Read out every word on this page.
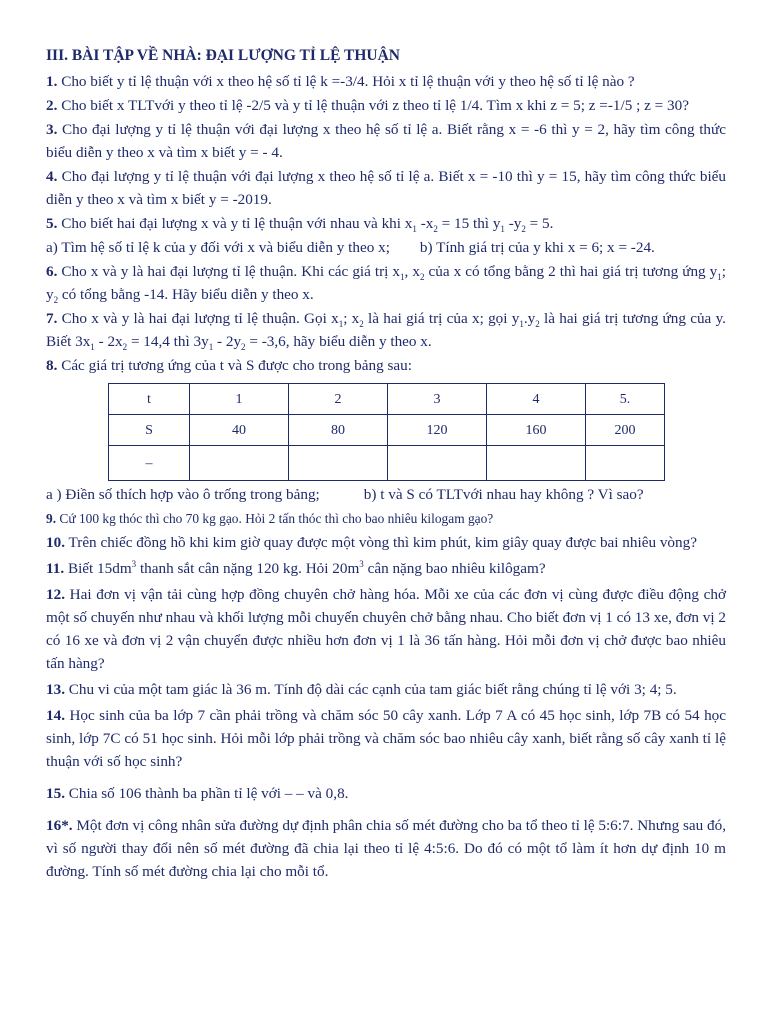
III. BÀI TẬP VỀ NHÀ: ĐẠI LƯỢNG TỈ LỆ THUẬN

1. Cho biết y tỉ lệ thuận với x theo hệ số tỉ lệ k =-3/4. Hỏi x tỉ lệ thuận với y theo hệ số tỉ lệ nào ?

2. Cho biết x TLTvới y theo tỉ lệ -2/5 và y tỉ lệ thuận với z theo tỉ lệ 1/4. Tìm x khi z = 5; z =-1/5 ; z = 30?

3. Cho đại lượng y tỉ lệ thuận với đại lượng x theo hệ số tỉ lệ a. Biết rằng x = -6 thì y = 2, hãy tìm công thức biểu diễn y theo x và tìm x biết y = - 4.

4. Cho đại lượng y tỉ lệ thuận với đại lượng x theo hệ số tỉ lệ a. Biết x = -10 thì y = 15, hãy tìm công thức biểu diễn y theo x và tìm x biết y = -2019.

5. Cho biết hai đại lượng x và y tỉ lệ thuận với nhau và khi $x_1$ $-x_2 = 15$ thì $y_1$ $-y_2 = 5$.

a) Tìm hệ số tỉ lệ k của y đối với x và biểu diễn y theo x; b) Tính giá trị của y khi x = 6; x = -24.

6. Cho x và y là hai đại lượng tỉ lệ thuận. Khi các giá trị $x_1$, $x_2$ của x có tổng bằng 2 thì hai giá trị tương ứng $y_1$; $y_2$ có tổng bằng -14. Hãy biểu diễn y theo x.

7. Cho x và y là hai đại lượng tỉ lệ thuận. Gọi $x_1$; $x_2$ là hai giá trị của x; gọi $y_1.y_2$ là hai giá trị tương ứng của y. Biết $3x_1 - 2x_2 = 14,4$ thì $3y_1 - 2y_2 = -3,6$, hãy biểu diễn y theo x.

8. Các giá trị tương ứng của t và S được cho trong bảng sau:

t	1	2	3	4	5.
S	40	80	120	160	200
–					

a ) Điền số thích hợp vào ô trống trong bảng;	b) t và S có TLTvới nhau hay không ? Vì sao?

9. Cứ 100 kg thóc thì cho 70 kg gạo. Hỏi 2 tấn thóc thì cho bao nhiêu kilogam gạo?

10. Trên chiếc đồng hồ khi kim giờ quay được một vòng thì kim phút, kim giây quay được bai nhiêu vòng?

11. Biết $15dm^3$ thanh sắt cân nặng 120 kg. Hỏi $20m^3$ cân nặng bao nhiêu kilôgam?

12. Hai đơn vị vận tải cùng hợp đồng chuyên chở hàng hóa. Mỗi xe của các đơn vị cùng được điều động chở một số chuyến như nhau và khối lượng mỗi chuyến chuyên chở bằng nhau. Cho biết đơn vị 1 có 13 xe, đơn vị 2 có 16 xe và đơn vị 2 vận chuyển được nhiều hơn đơn vị 1 là 36 tấn hàng. Hỏi mỗi đơn vị chở được bao nhiêu tấn hàng?

13. Chu vi của một tam giác là 36 m. Tính độ dài các cạnh của tam giác biết rằng chúng tỉ lệ với 3; 4; 5.

14. Học sinh của ba lớp 7 cần phải trồng và chăm sóc 50 cây xanh. Lớp 7 A có 45 học sinh, lớp 7B có 54 học sinh, lớp 7C có 51 học sinh. Hỏi mỗi lớp phải trồng và chăm sóc bao nhiêu cây xanh, biết rằng số cây xanh tỉ lệ thuận với số học sinh?

15. Chia số 106 thành ba phần tỉ lệ với – – và 0,8.

16*. Một đơn vị công nhân sửa đường dự định phân chia số mét đường cho ba tổ theo tỉ lệ 5:6:7. Nhưng sau đó, vì số người thay đổi nên số mét đường đã chia lại theo tỉ lệ 4:5:6. Do đó có một tổ làm ít hơn dự định 10 m đường. Tính số mét đường chia lại cho mỗi tổ.
